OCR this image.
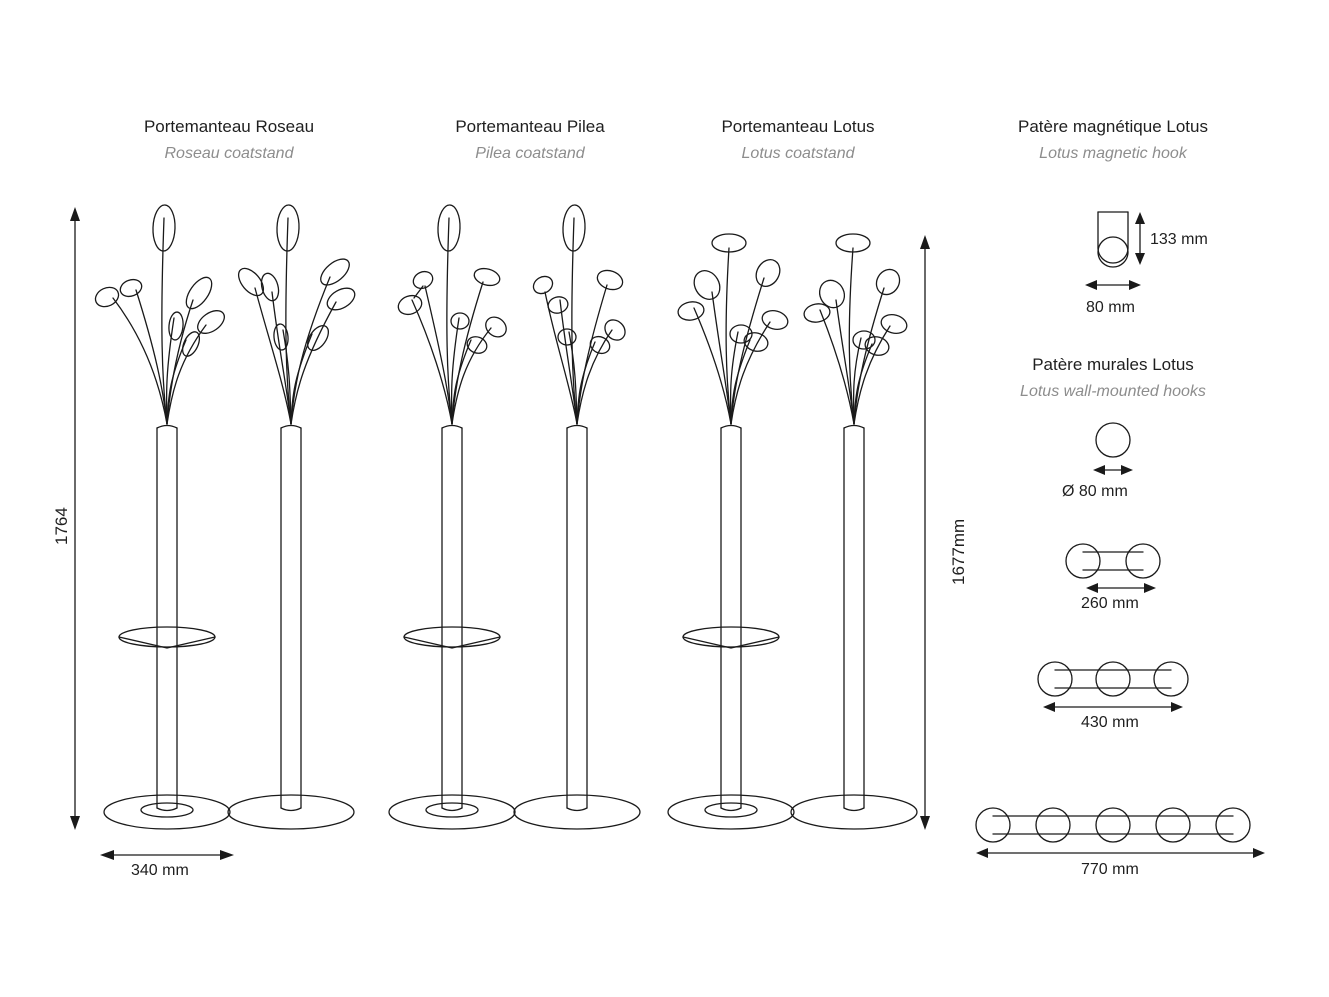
Portemanteau Roseau
Roseau coatstand
Portemanteau Pilea
Pilea coatstand
Portemanteau Lotus
Lotus coatstand
Patère magnétique Lotus
Lotus magnetic hook
Patère murales Lotus
Lotus wall-mounted hooks
1764	1677mm
340 mm
133 mm
80 mm
Ø 80 mm
260 mm
430 mm
770 mm
